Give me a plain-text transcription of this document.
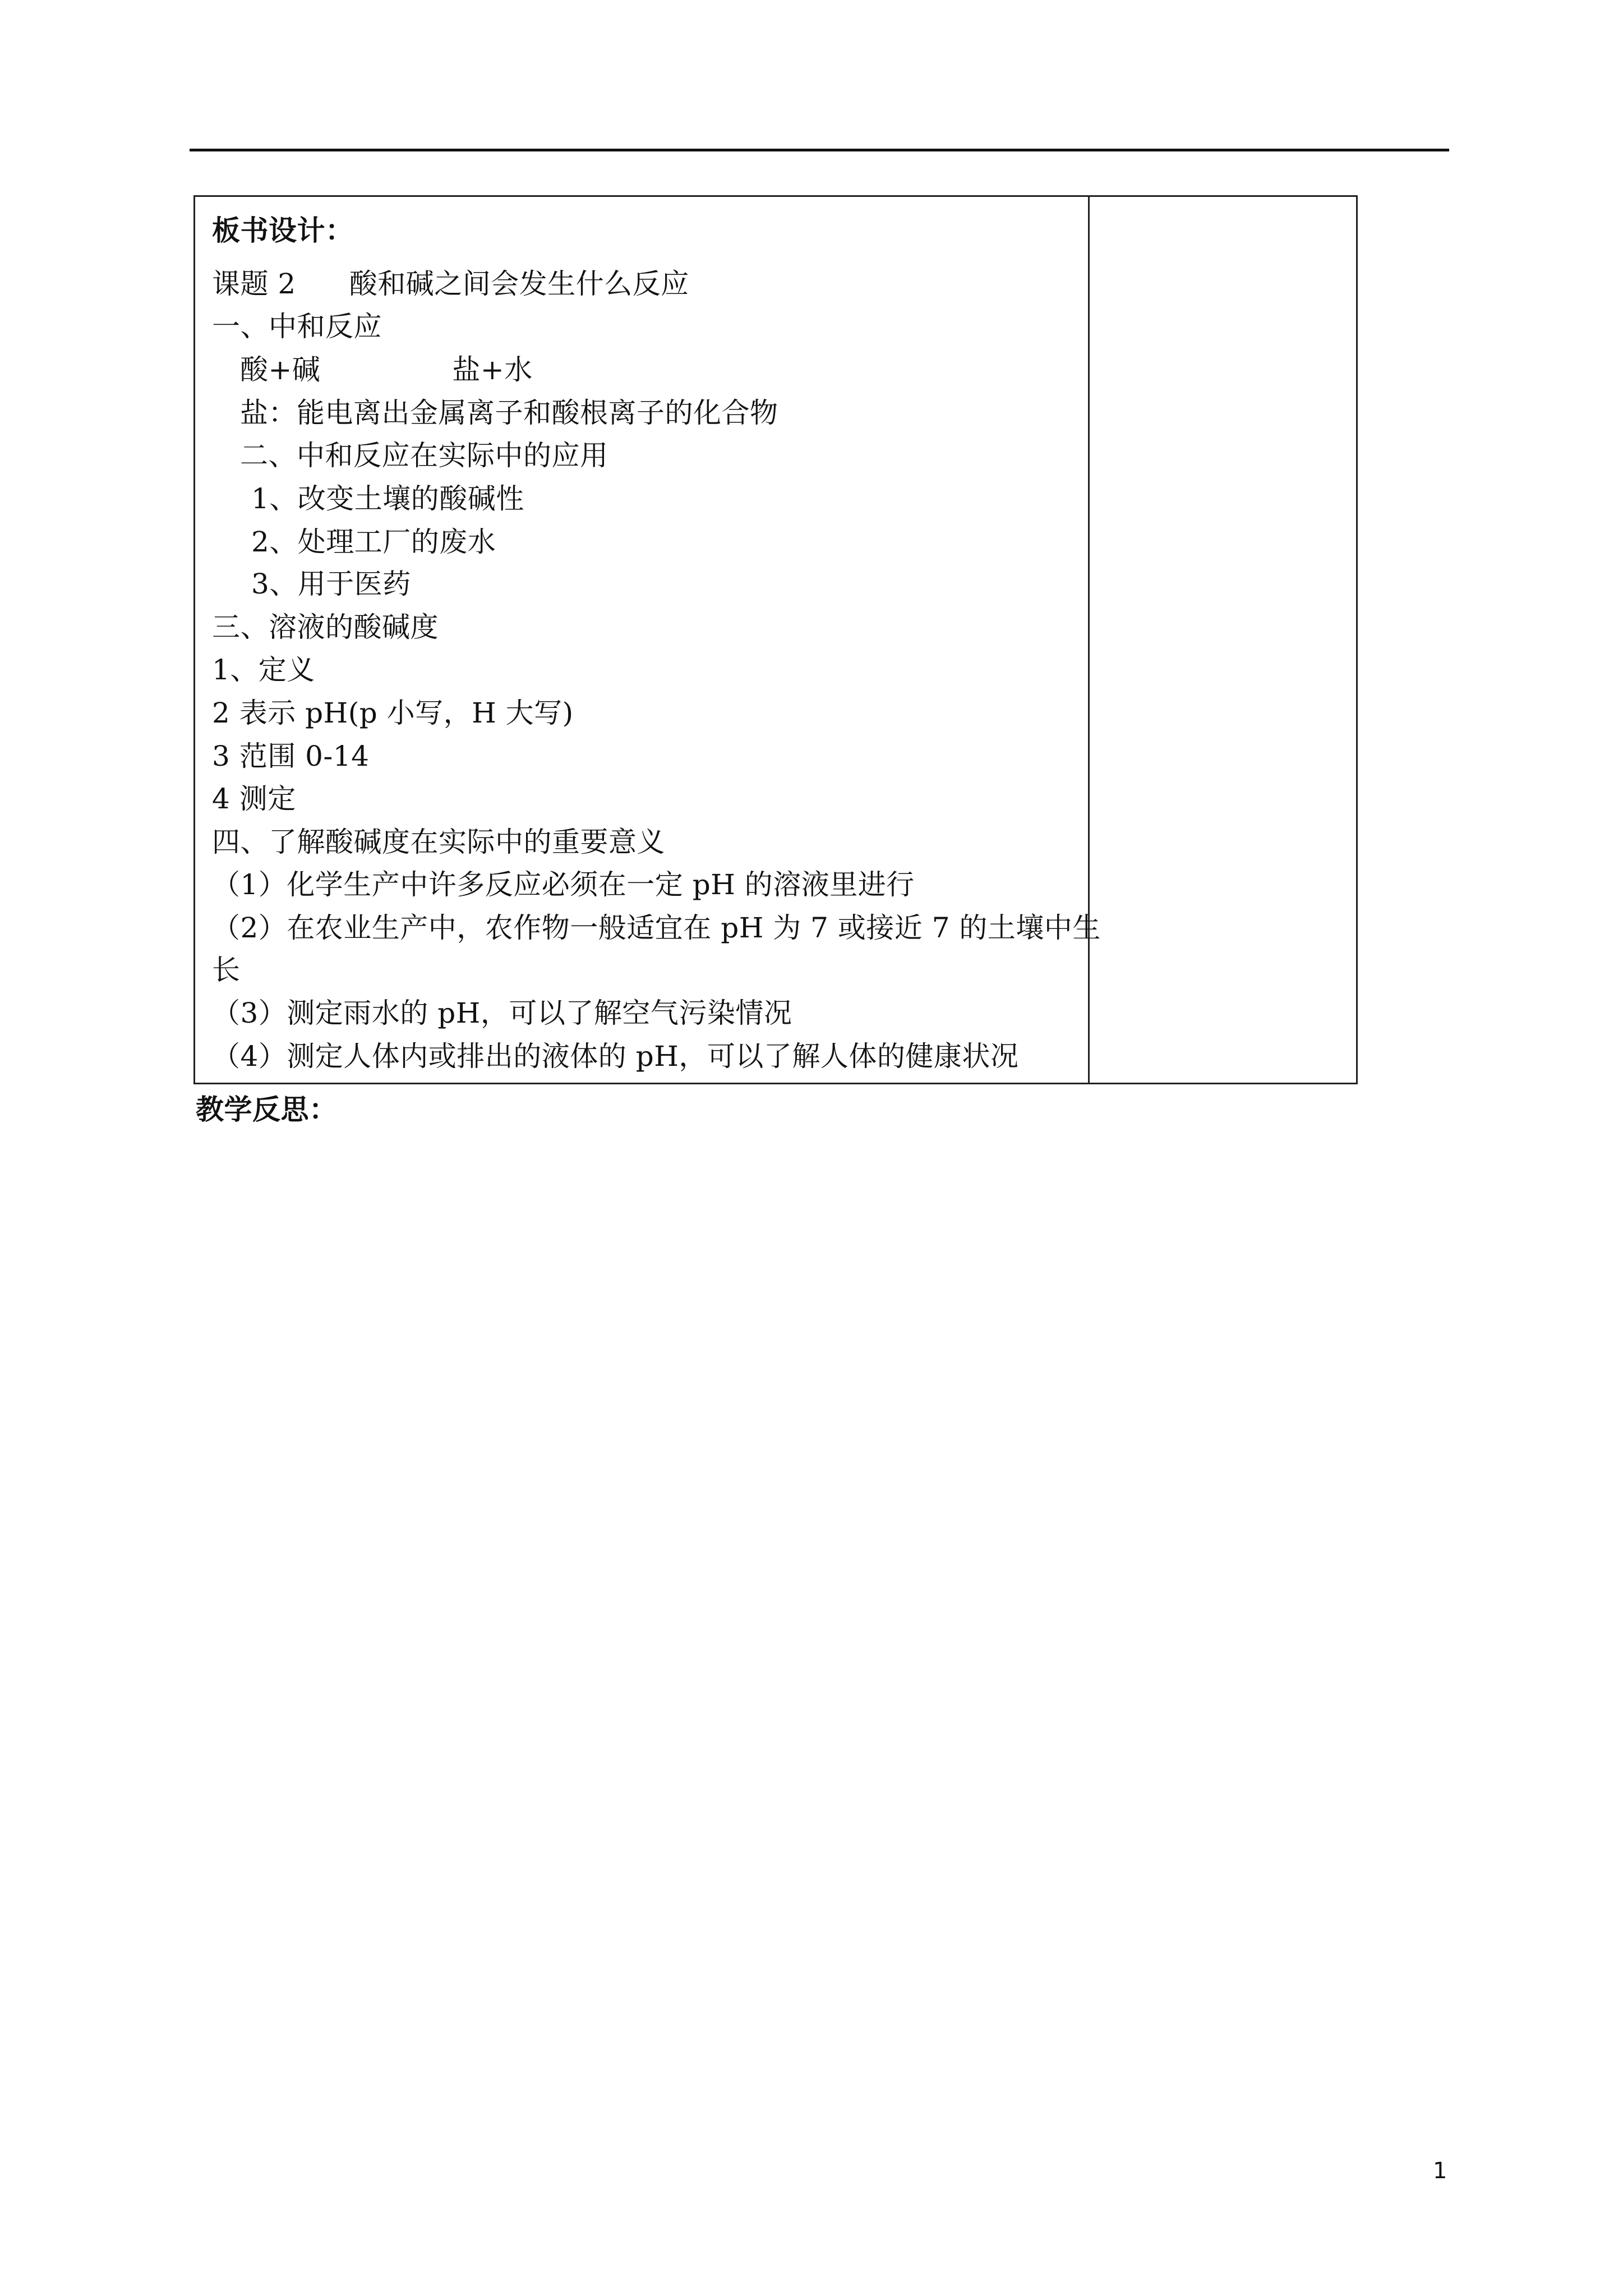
板书设计：
课题 2 酸和碱之间会发生什么反应
一、中和反应
酸+碱	盐+水
盐：能电离出金属离子和酸根离子的化合物
二、中和反应在实际中的应用
1、改变土壤的酸碱性
2、处理工厂的废水
3、用于医药
三、溶液的酸碱度
1、定义
2 表示 pH(p 小写，H 大写)
3 范围 0-14
4 测定
四、了解酸碱度在实际中的重要意义
（1）化学生产中许多反应必须在一定 pH 的溶液里进行
（2）在农业生产中，农作物一般适宜在 pH 为 7 或接近 7 的土壤中生
长
（3）测定雨水的 pH，可以了解空气污染情况
（4）测定人体内或排出的液体的 pH，可以了解人体的健康状况
教学反思：
1
